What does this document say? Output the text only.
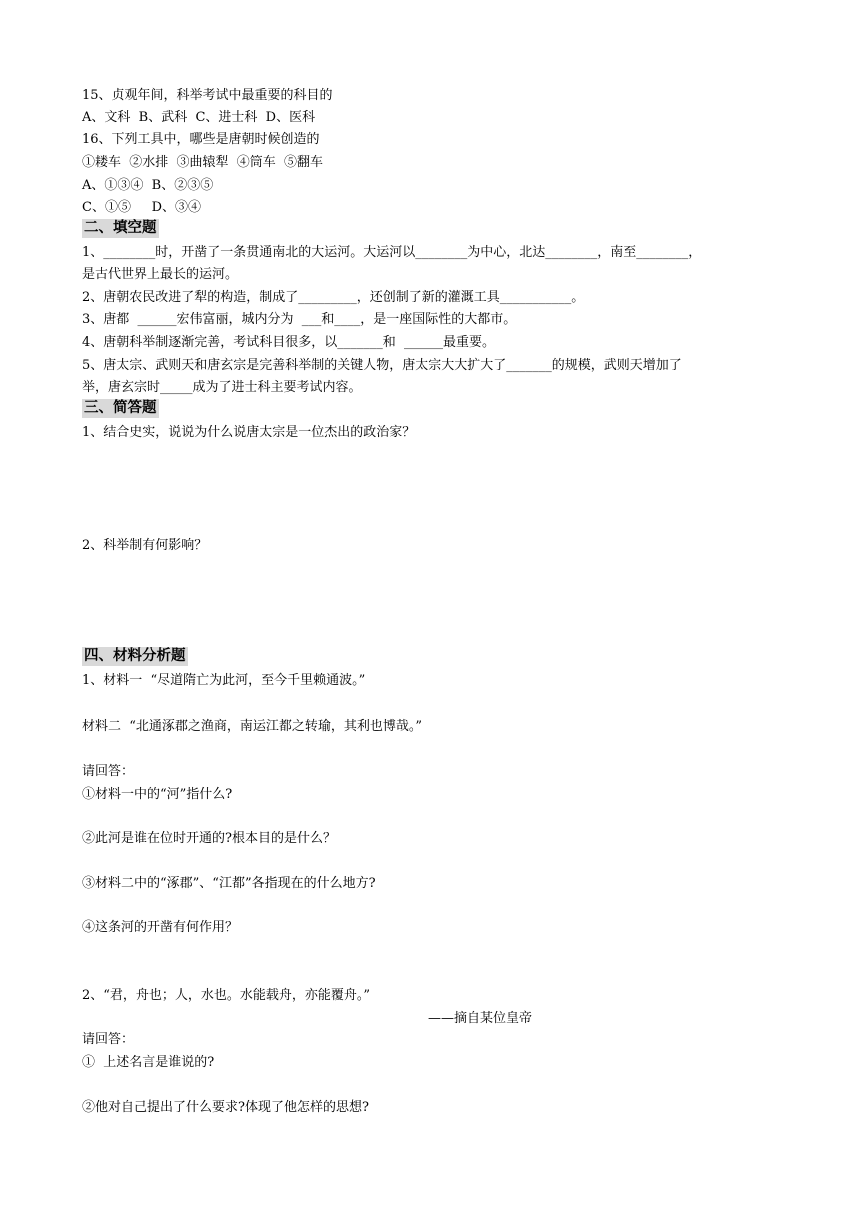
15、贞观年间，科举考试中最重要的科目的
A、文科  B、武科  C、进士科  D、医科
16、下列工具中，哪些是唐朝时候创造的
①耧车  ②水排  ③曲辕犁  ④筒车  ⑤翻车
A、①③④  B、②③⑤
C、①⑤     D、③④
二、填空题
1、________时，开凿了一条贯通南北的大运河。大运河以________为中心，北达________，南至________，
是古代世界上最长的运河。
2、唐朝农民改进了犁的构造，制成了_________，还创制了新的灌溉工具___________。
3、唐都  ______宏伟富丽，城内分为  ___和____，是一座国际性的大都市。
4、唐朝科举制逐渐完善，考试科目很多，以_______和  ______最重要。
5、唐太宗、武则天和唐玄宗是完善科举制的关键人物，唐太宗大大扩大了_______的规模，武则天增加了
举，唐玄宗时_____成为了进士科主要考试内容。
三、简答题
1、结合史实，说说为什么说唐太宗是一位杰出的政治家？
2、科举制有何影响？
四、材料分析题
1、材料一  “尽道隋亡为此河，至今千里赖通波。”
材料二  “北通涿郡之渔商，南运江都之转瑜，其利也博哉。”
请回答：
①材料一中的“河”指什么?
②此河是谁在位时开通的?根本目的是什么？
③材料二中的“涿郡”、“江都”各指现在的什么地方?
④这条河的开凿有何作用？
2、“君，舟也；人，水也。水能载舟，亦能覆舟。”
——摘自某位皇帝
请回答：
①  上述名言是谁说的?
②他对自己提出了什么要求?体现了他怎样的思想?
